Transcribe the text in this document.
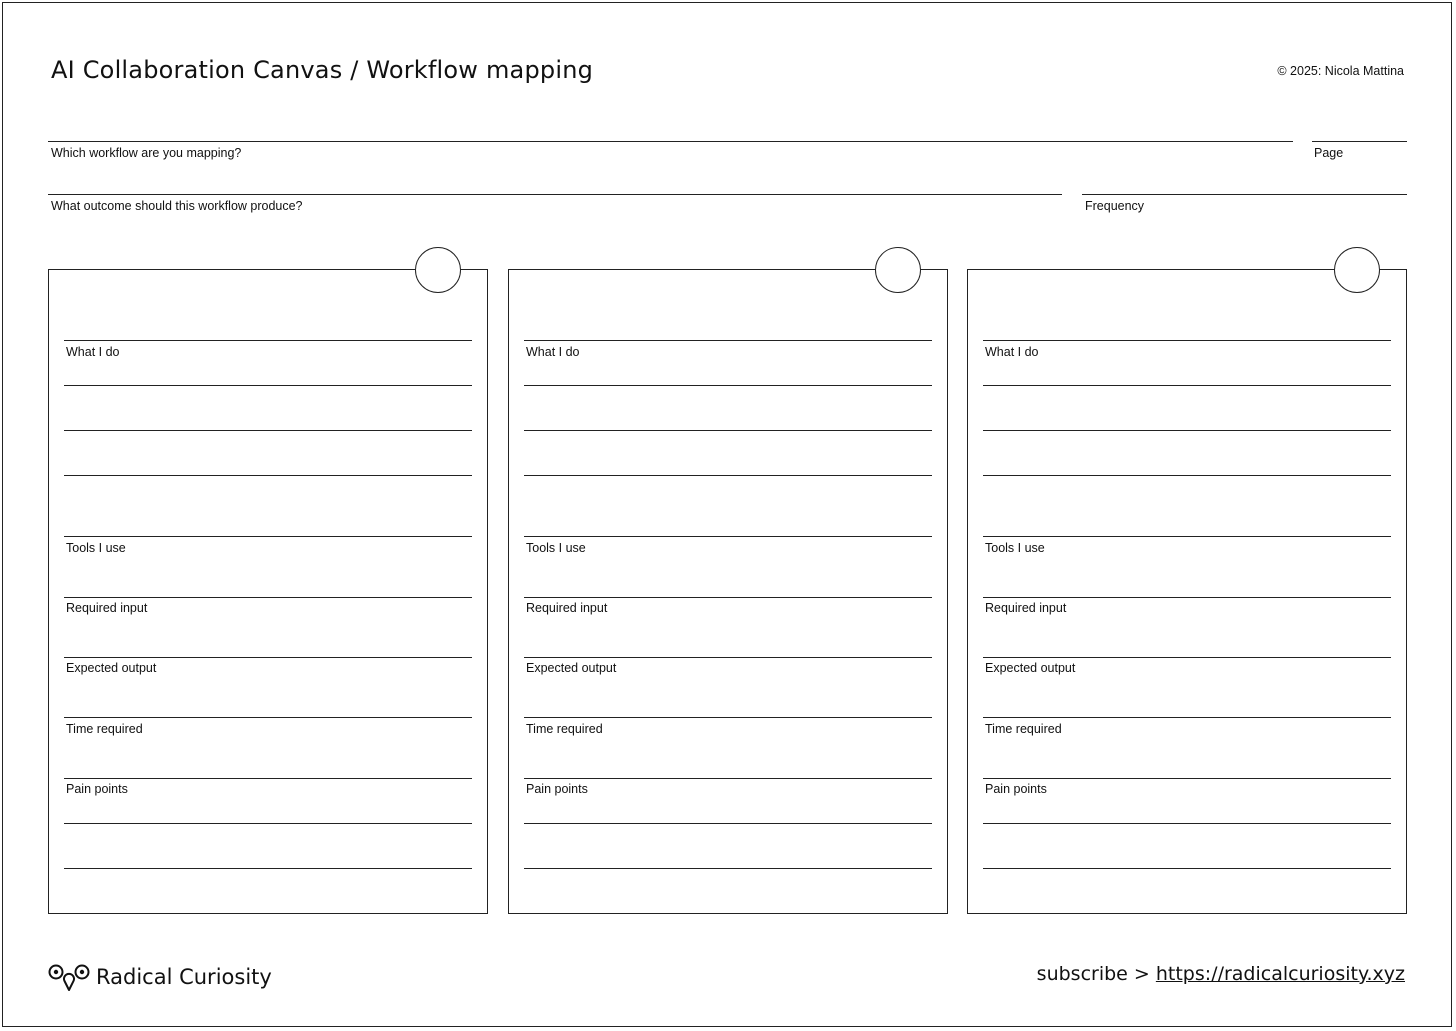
AI Collaboration Canvas / Workflow mapping	© 2025: Nicola Mattina
Which workflow are you mapping?	Page
What outcome should this workflow produce?	Frequency
What I do
Tools I use
Required input
Expected output
Time required
Pain points
What I do
Tools I use
Required input
Expected output
Time required
Pain points
What I do
Tools I use
Required input
Expected output
Time required
Pain points
Radical Curiosity	subscribe > https://radicalcuriosity.xyz
